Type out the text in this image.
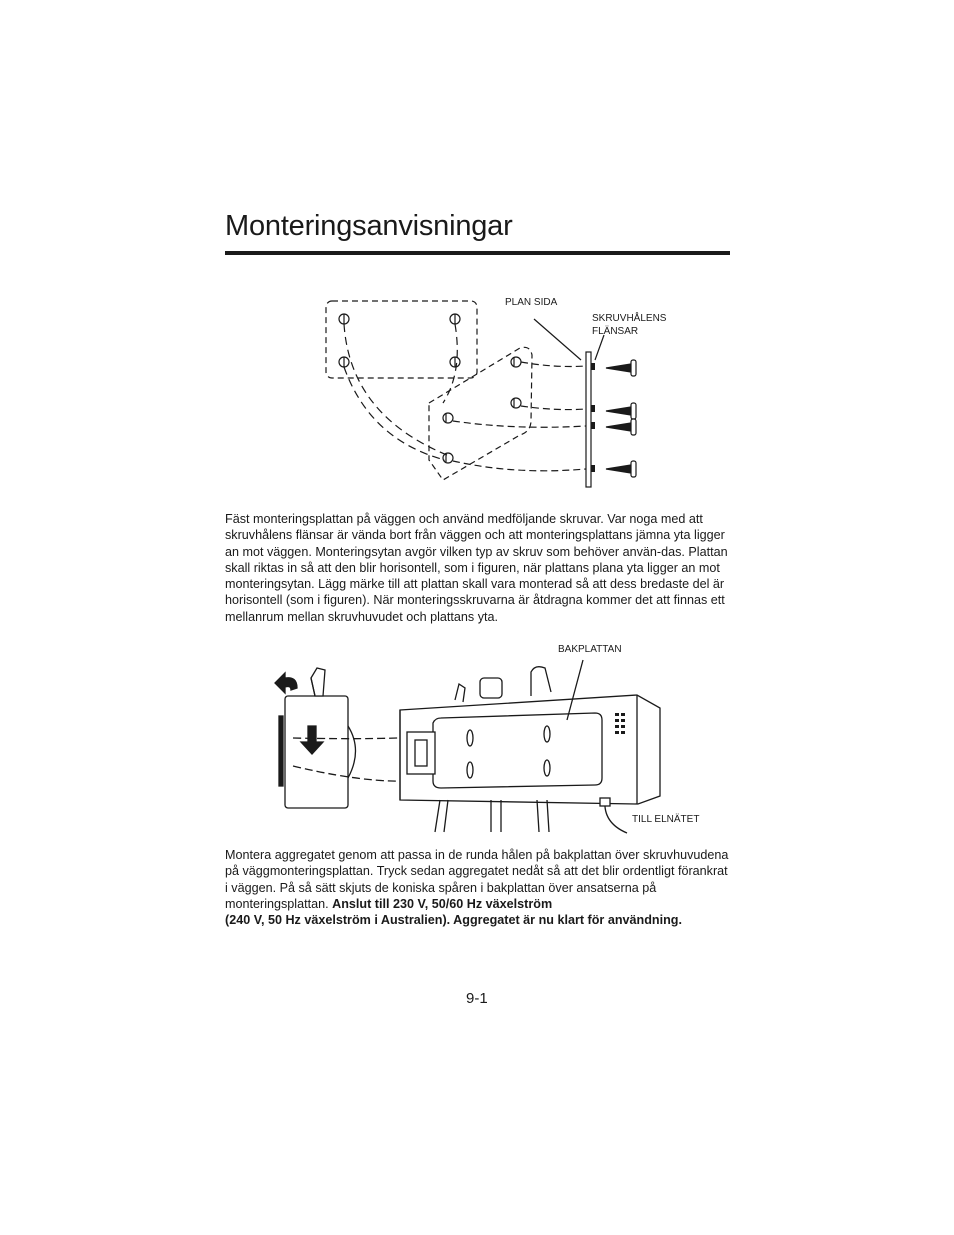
Monteringsanvisningar
PLAN SIDA
SKRUVHÅLENS
FLÄNSAR

Fäst monteringsplattan på väggen och använd medföljande skruvar. Var noga med att skruvhålens flänsar är vända bort från väggen och att monteringsplattans jämna yta ligger an mot väggen. Monteringsytan avgör vilken typ av skruv som behöver använ-das. Plattan skall riktas in så att den blir horisontell, som i figuren, när plattans plana yta ligger an mot monteringsytan. Lägg märke till att plattan skall vara monterad så att dess bredaste del är horisontell (som i figuren). När monteringsskruvarna är åtdragna kommer det att finnas ett mellanrum mellan skruvhuvudet och plattans yta.

BAKPLATTAN
TILL ELNÄTET

Montera aggregatet genom att passa in de runda hålen på bakplattan över skruvhuvudena på väggmonteringsplattan. Tryck sedan aggregatet nedåt så att det blir ordentligt förankrat i väggen. På så sätt skjuts de koniska spåren i bakplattan över ansatserna på monteringsplattan. Anslut till 230 V, 50/60 Hz växelström
(240 V, 50 Hz växelström i Australien). Aggregatet är nu klart för användning.

9-1
